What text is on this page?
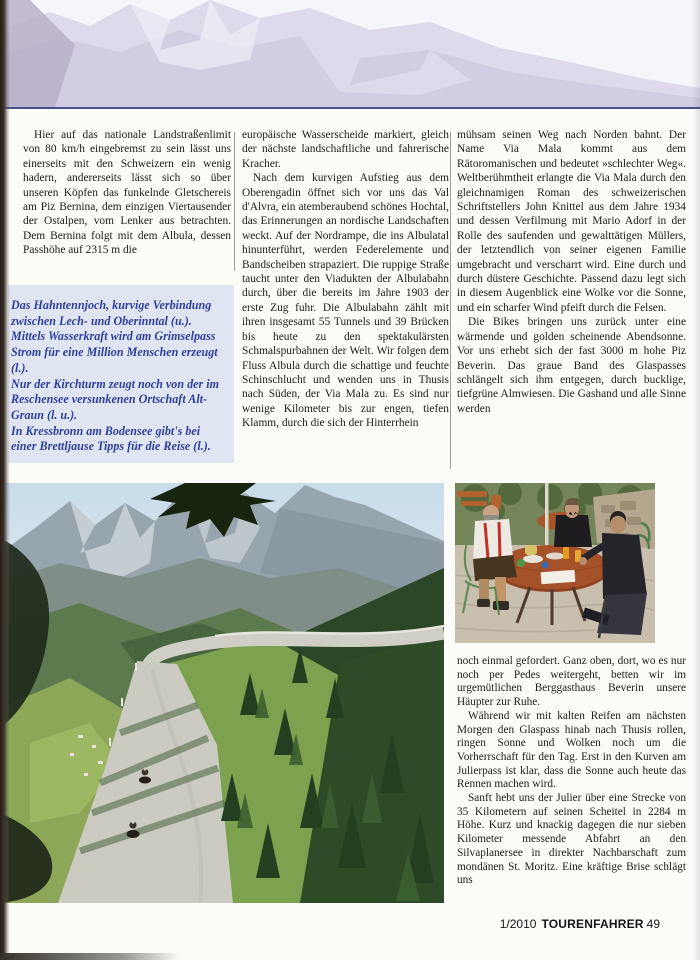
Hier auf das nationale Landstraßenlimit von 80 km/h eingebremst zu sein lässt uns einerseits mit den Schweizern ein wenig hadern, andererseits lässt sich so über unseren Köpfen das funkelnde Gletschereis am Piz Bernina, dem einzigen Viertausender der Ostalpen, vom Lenker aus betrachten. Dem Bernina folgt mit dem Albula, dessen Passhöhe auf 2315 m die

Das Hahntennjoch, kurvige Verbindung zwischen Lech- und Oberinntal (u.).

Mittels Wasserkraft wird am Grimselpass Strom für eine Million Menschen erzeugt (l.).

Nur der Kirchturm zeugt noch von der im Reschensee versunkenen Ortschaft Alt-Graun (l. u.).

In Kressbronn am Bodensee gibt's bei einer Brettljause Tipps für die Reise (l.).

europäische Wasserscheide markiert, gleich der nächste landschaftliche und fahrerische Kracher.

Nach dem kurvigen Aufstieg aus dem Oberengadin öffnet sich vor uns das Val d'Alvra, ein atemberaubend schönes Hochtal, das Erinnerungen an nordische Landschaften weckt. Auf der Nordrampe, die ins Albulatal hinunterführt, werden Federelemente und Bandscheiben strapaziert. Die ruppige Straße taucht unter den Viadukten der Albulabahn durch, über die bereits im Jahre 1903 der erste Zug fuhr. Die Albulabahn zählt mit ihren insgesamt 55 Tunnels und 39 Brücken bis heute zu den spektakulärsten Schmalspurbahnen der Welt. Wir folgen dem Fluss Albula durch die schattige und feuchte Schinschlucht und wenden uns in Thusis nach Süden, der Via Mala zu. Es sind nur wenige Kilometer bis zur engen, tiefen Klamm, durch die sich der Hinterrhein

mühsam seinen Weg nach Norden bahnt. Der Name Via Mala kommt aus dem Rätoromanischen und bedeutet »schlechter Weg«. Weltberühmtheit erlangte die Via Mala durch den gleichnamigen Roman des schweizerischen Schriftstellers John Knittel aus dem Jahre 1934 und dessen Verfilmung mit Mario Adorf in der Rolle des saufenden und gewalttätigen Müllers, der letztendlich von seiner eigenen Familie umgebracht und verscharrt wird. Eine durch und durch düstere Geschichte. Passend dazu legt sich in diesem Augenblick eine Wolke vor die Sonne, und ein scharfer Wind pfeift durch die Felsen.

Die Bikes bringen uns zurück unter eine wärmende und golden scheinende Abendsonne. Vor uns erhebt sich der fast 3000 m hohe Piz Beverin. Das graue Band des Glaspasses schlängelt sich ihm entgegen, durch bucklige, tiefgrüne Almwiesen. Die Gashand und alle Sinne werden

noch einmal gefordert. Ganz oben, dort, wo es nur noch per Pedes weitergeht, betten wir im urgemütlichen Berggasthaus Beverin unsere Häupter zur Ruhe.

Während wir mit kalten Reifen am nächsten Morgen den Glaspass hinab nach Thusis rollen, ringen Sonne und Wolken noch um die Vorherrschaft für den Tag. Erst in den Kurven am Julierpass ist klar, dass die Sonne auch heute das Rennen machen wird.

Sanft hebt uns der Julier über eine Strecke von 35 Kilometern auf seinen Scheitel in 2284 m Höhe. Kurz und knackig dagegen die nur sieben Kilometer messende Abfahrt an den Silvaplanersee in direkter Nachbarschaft zum mondänen St. Moritz. Eine kräftige Brise schlägt uns

1/2010 TOURENFAHRER 49
